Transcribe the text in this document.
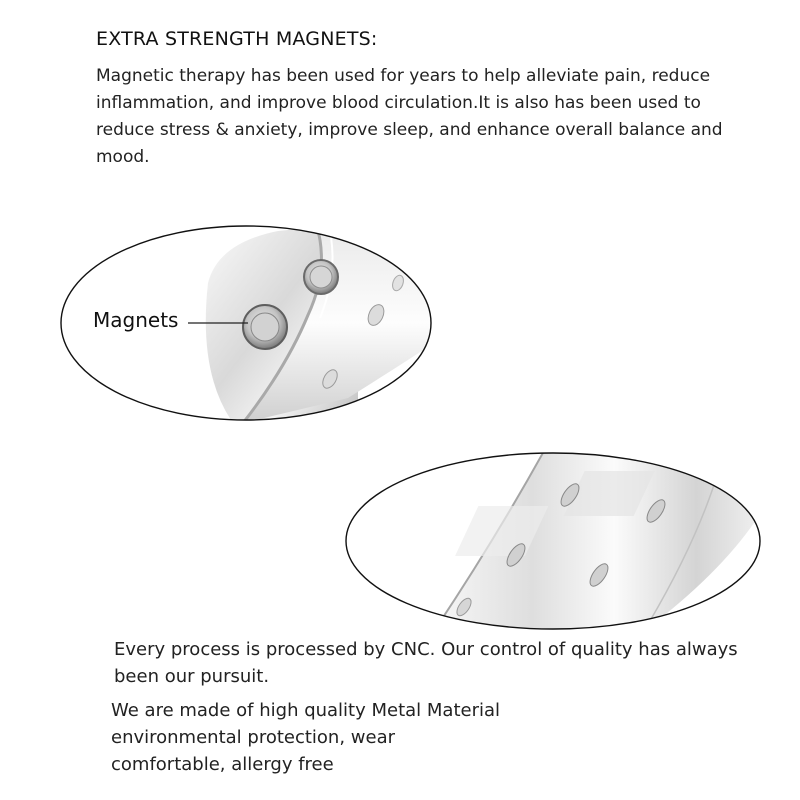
EXTRA STRENGTH MAGNETS:

Magnetic therapy has been used for years to help alleviate pain, reduce inflammation, and improve blood circulation.It is also has been used to reduce stress & anxiety, improve sleep, and enhance overall balance and mood.

Magnets

Every process is processed by CNC. Our control of quality has always been our pursuit.

We are made of high quality Metal Material
environmental protection, wear
comfortable, allergy free
